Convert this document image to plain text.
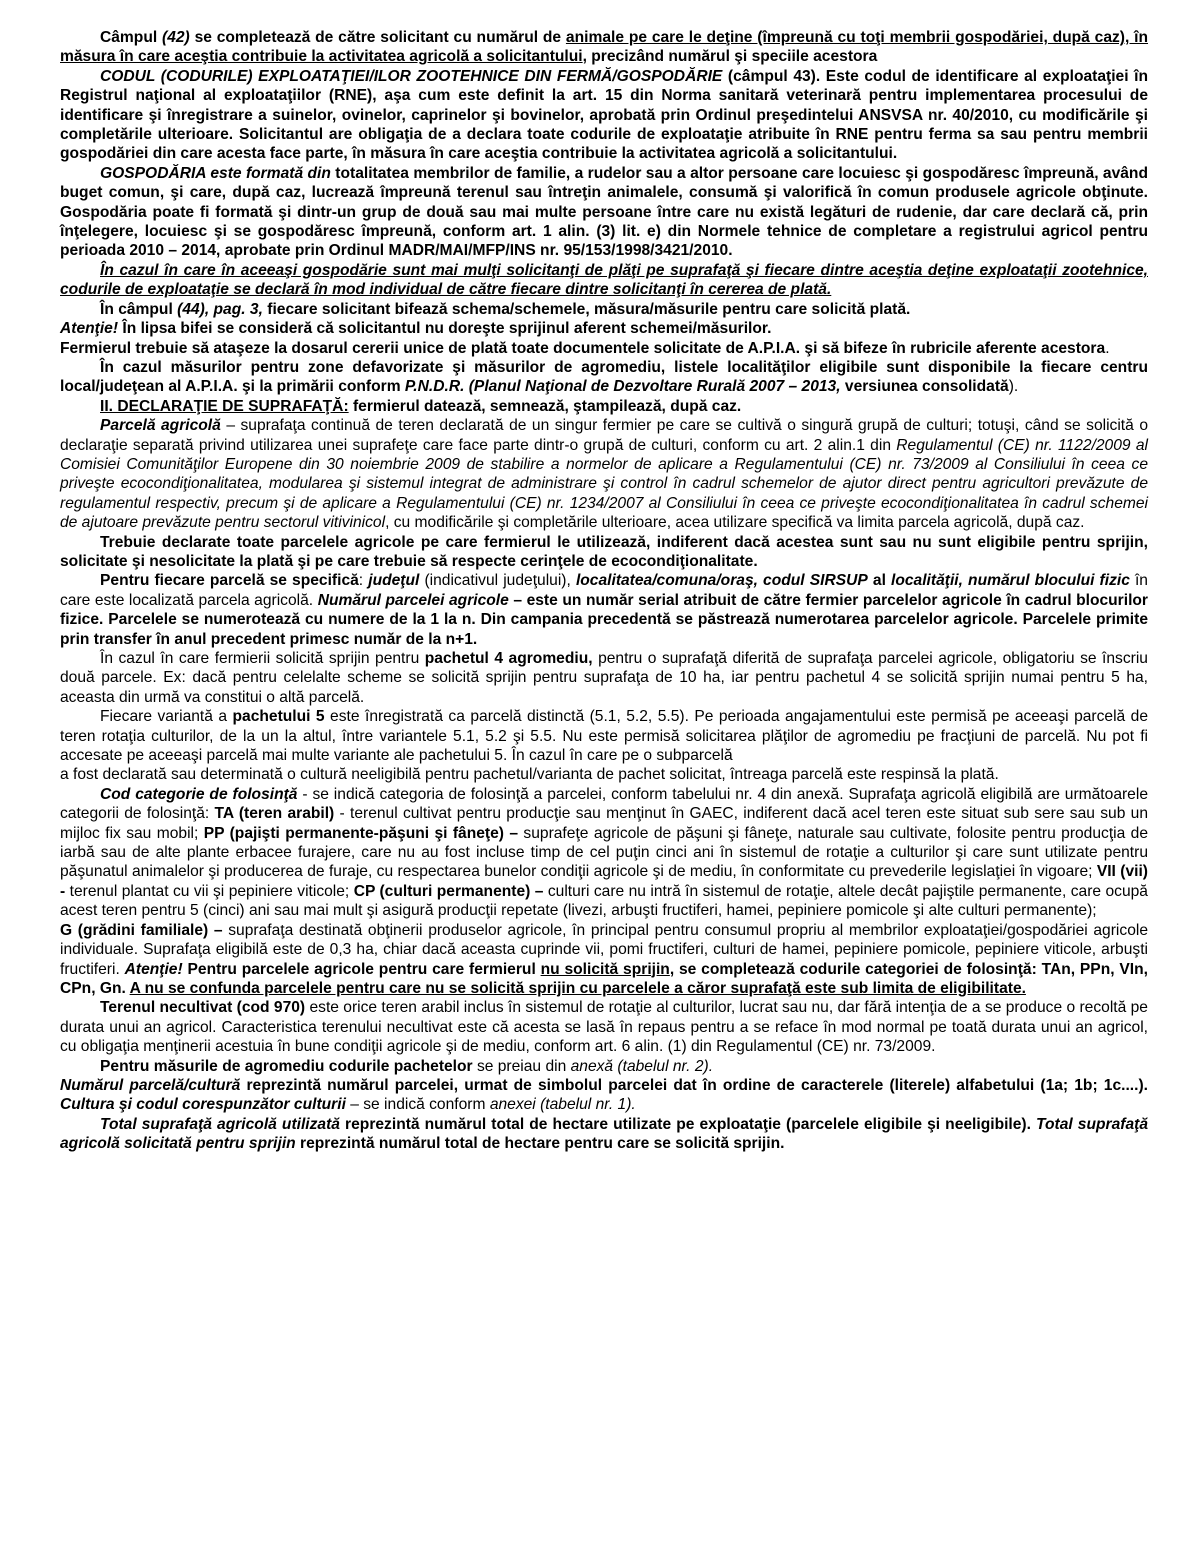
Câmpul (42) se completează de către solicitant cu numărul de animale pe care le deţine (împreună cu toţi membrii gospodăriei, după caz), în măsura în care aceştia contribuie la activitatea agricolă a solicitantului, precizând numărul şi speciile acestora

CODUL (CODURILE) EXPLOATAŢIEI/ILOR ZOOTEHNICE DIN FERMĂ/GOSPODĂRIE (câmpul 43). Este codul de identificare al exploataţiei în Registrul naţional al exploataţiilor (RNE), aşa cum este definit la art. 15 din Norma sanitară veterinară pentru implementarea procesului de identificare şi înregistrare a suinelor, ovinelor, caprinelor şi bovinelor, aprobată prin Ordinul preşedintelui ANSVSA nr. 40/2010, cu modificările şi completările ulterioare. Solicitantul are obligaţia de a declara toate codurile de exploataţie atribuite în RNE pentru ferma sa sau pentru membrii gospodăriei din care acesta face parte, în măsura în care aceştia contribuie la activitatea agricolă a solicitantului.

GOSPODĂRIA este formată din totalitatea membrilor de familie, a rudelor sau a altor persoane care locuiesc şi gospodăresc împreună, având buget comun, şi care, după caz, lucrează împreună terenul sau întreţin animalele, consumă şi valorifică în comun produsele agricole obţinute. Gospodăria poate fi formată şi dintr-un grup de două sau mai multe persoane între care nu există legături de rudenie, dar care declară că, prin înţelegere, locuiesc şi se gospodăresc împreună, conform art. 1 alin. (3) lit. e) din Normele tehnice de completare a registrului agricol pentru perioada 2010 – 2014, aprobate prin Ordinul MADR/MAI/MFP/INS nr. 95/153/1998/3421/2010.

În cazul în care în aceeaşi gospodărie sunt mai mulţi solicitanţi de plăţi pe suprafaţă şi fiecare dintre aceştia deţine exploataţii zootehnice, codurile de exploataţie se declară în mod individual de către fiecare dintre solicitanţi în cererea de plată.

În câmpul (44), pag. 3, fiecare solicitant bifează schema/schemele, măsura/măsurile pentru care solicită plată.

Atenţie! În lipsa bifei se consideră că solicitantul nu doreşte sprijinul aferent schemei/măsurilor.

Fermierul trebuie să ataşeze la dosarul cererii unice de plată toate documentele solicitate de A.P.I.A. şi să bifeze în rubricile aferente acestora.

În cazul măsurilor pentru zone defavorizate şi măsurilor de agromediu, listele localităţilor eligibile sunt disponibile la fiecare centru local/judeţean al A.P.I.A. şi la primării conform P.N.D.R. (Planul Naţional de Dezvoltare Rurală 2007 – 2013, versiunea consolidată).

II. DECLARAŢIE DE SUPRAFAŢĂ: fermierul datează, semnează, ştampilează, după caz.

Parcelă agricolă – suprafaţa continuă de teren declarată de un singur fermier pe care se cultivă o singură grupă de culturi; totuşi, când se solicită o declaraţie separată privind utilizarea unei suprafeţe care face parte dintr-o grupă de culturi, conform cu art. 2 alin.1 din Regulamentul (CE) nr. 1122/2009 al Comisiei Comunităţilor Europene din 30 noiembrie 2009 de stabilire a normelor de aplicare a Regulamentului (CE) nr. 73/2009 al Consiliului în ceea ce priveşte ecocondiţionalitatea, modularea şi sistemul integrat de administrare şi control în cadrul schemelor de ajutor direct pentru agricultori prevăzute de regulamentul respectiv, precum şi de aplicare a Regulamentului (CE) nr. 1234/2007 al Consiliului în ceea ce priveşte ecocondiţionalitatea în cadrul schemei de ajutoare prevăzute pentru sectorul vitivinicol, cu modificările şi completările ulterioare, acea utilizare specifică va limita parcela agricolă, după caz.

Trebuie declarate toate parcelele agricole pe care fermierul le utilizează, indiferent dacă acestea sunt sau nu sunt eligibile pentru sprijin, solicitate şi nesolicitate la plată şi pe care trebuie să respecte cerinţele de ecocondiţionalitate.

Pentru fiecare parcelă se specifică: judeţul (indicativul judeţului), localitatea/comuna/oraş, codul SIRSUP al localităţii, numărul blocului fizic în care este localizată parcela agricolă. Numărul parcelei agricole – este un număr serial atribuit de către fermier parcelelor agricole în cadrul blocurilor fizice. Parcelele se numerotează cu numere de la 1 la n. Din campania precedentă se păstrează numerotarea parcelelor agricole. Parcelele primite prin transfer în anul precedent primesc număr de la n+1.

În cazul în care fermierii solicită sprijin pentru pachetul 4 agromediu, pentru o suprafaţă diferită de suprafaţa parcelei agricole, obligatoriu se înscriu două parcele. Ex: dacă pentru celelalte scheme se solicită sprijin pentru suprafaţa de 10 ha, iar pentru pachetul 4 se solicită sprijin numai pentru 5 ha, aceasta din urmă va constitui o altă parcelă.

Fiecare variantă a pachetului 5 este înregistrată ca parcelă distinctă (5.1, 5.2, 5.5). Pe perioada angajamentului este permisă pe aceeaşi parcelă de teren rotaţia culturilor, de la un la altul, între variantele 5.1, 5.2 şi 5.5. Nu este permisă solicitarea plăţilor de agromediu pe fracţiuni de parcelă. Nu pot fi accesate pe aceeaşi parcelă mai multe variante ale pachetului 5. În cazul în care pe o subparcelă

a fost declarată sau determinată o cultură neeligibilă pentru pachetul/varianta de pachet solicitat, întreaga parcelă este respinsă la plată.

Cod categorie de folosinţă - se indică categoria de folosinţă a parcelei, conform tabelului nr. 4 din anexă. Suprafaţa agricolă eligibilă are următoarele categorii de folosinţă: TA (teren arabil) - terenul cultivat pentru producţie sau menţinut în GAEC, indiferent dacă acel teren este situat sub sere sau sub un mijloc fix sau mobil; PP (pajişti permanente-păşuni şi fâneţe) – suprafeţe agricole de păşuni şi fâneţe, naturale sau cultivate, folosite pentru producţia de iarbă sau de alte plante erbacee furajere, care nu au fost incluse timp de cel puţin cinci ani în sistemul de rotaţie a culturilor şi care sunt utilizate pentru păşunatul animalelor şi producerea de furaje, cu respectarea bunelor condiţii agricole şi de mediu, în conformitate cu prevederile legislaţiei în vigoare; VII (vii) - terenul plantat cu vii şi pepiniere viticole; CP (culturi permanente) – culturi care nu intră în sistemul de rotaţie, altele decât pajiştile permanente, care ocupă acest teren pentru 5 (cinci) ani sau mai mult şi asigură producţii repetate (livezi, arbuşti fructiferi, hamei, pepiniere pomicole şi alte culturi permanente);

G (grădini familiale) – suprafaţa destinată obţinerii produselor agricole, în principal pentru consumul propriu al membrilor exploataţiei/gospodăriei agricole individuale. Suprafaţa eligibilă este de 0,3 ha, chiar dacă aceasta cuprinde vii, pomi fructiferi, culturi de hamei, pepiniere pomicole, pepiniere viticole, arbuşti fructiferi. Atenţie! Pentru parcelele agricole pentru care fermierul nu solicită sprijin, se completează codurile categoriei de folosinţă: TAn, PPn, VIn, CPn, Gn. A nu se confunda parcelele pentru care nu se solicită sprijin cu parcelele a căror suprafaţă este sub limita de eligibilitate.

Terenul necultivat (cod 970) este orice teren arabil inclus în sistemul de rotaţie al culturilor, lucrat sau nu, dar fără intenţia de a se produce o recoltă pe durata unui an agricol. Caracteristica terenului necultivat este că acesta se lasă în repaus pentru a se reface în mod normal pe toată durata unui an agricol, cu obligaţia menţinerii acestuia în bune condiţii agricole şi de mediu, conform art. 6 alin. (1) din Regulamentul (CE) nr. 73/2009.

Pentru măsurile de agromediu codurile pachetelor se preiau din anexă (tabelul nr. 2).

Numărul parcelă/cultură reprezintă numărul parcelei, urmat de simbolul parcelei dat în ordine de caracterele (literele) alfabetului (1a; 1b; 1c....). Cultura şi codul corespunzător culturii – se indică conform anexei (tabelul nr. 1).

Total suprafaţă agricolă utilizată reprezintă numărul total de hectare utilizate pe exploataţie (parcelele eligibile şi neeligibile). Total suprafaţă agricolă solicitată pentru sprijin reprezintă numărul total de hectare pentru care se solicită sprijin.
